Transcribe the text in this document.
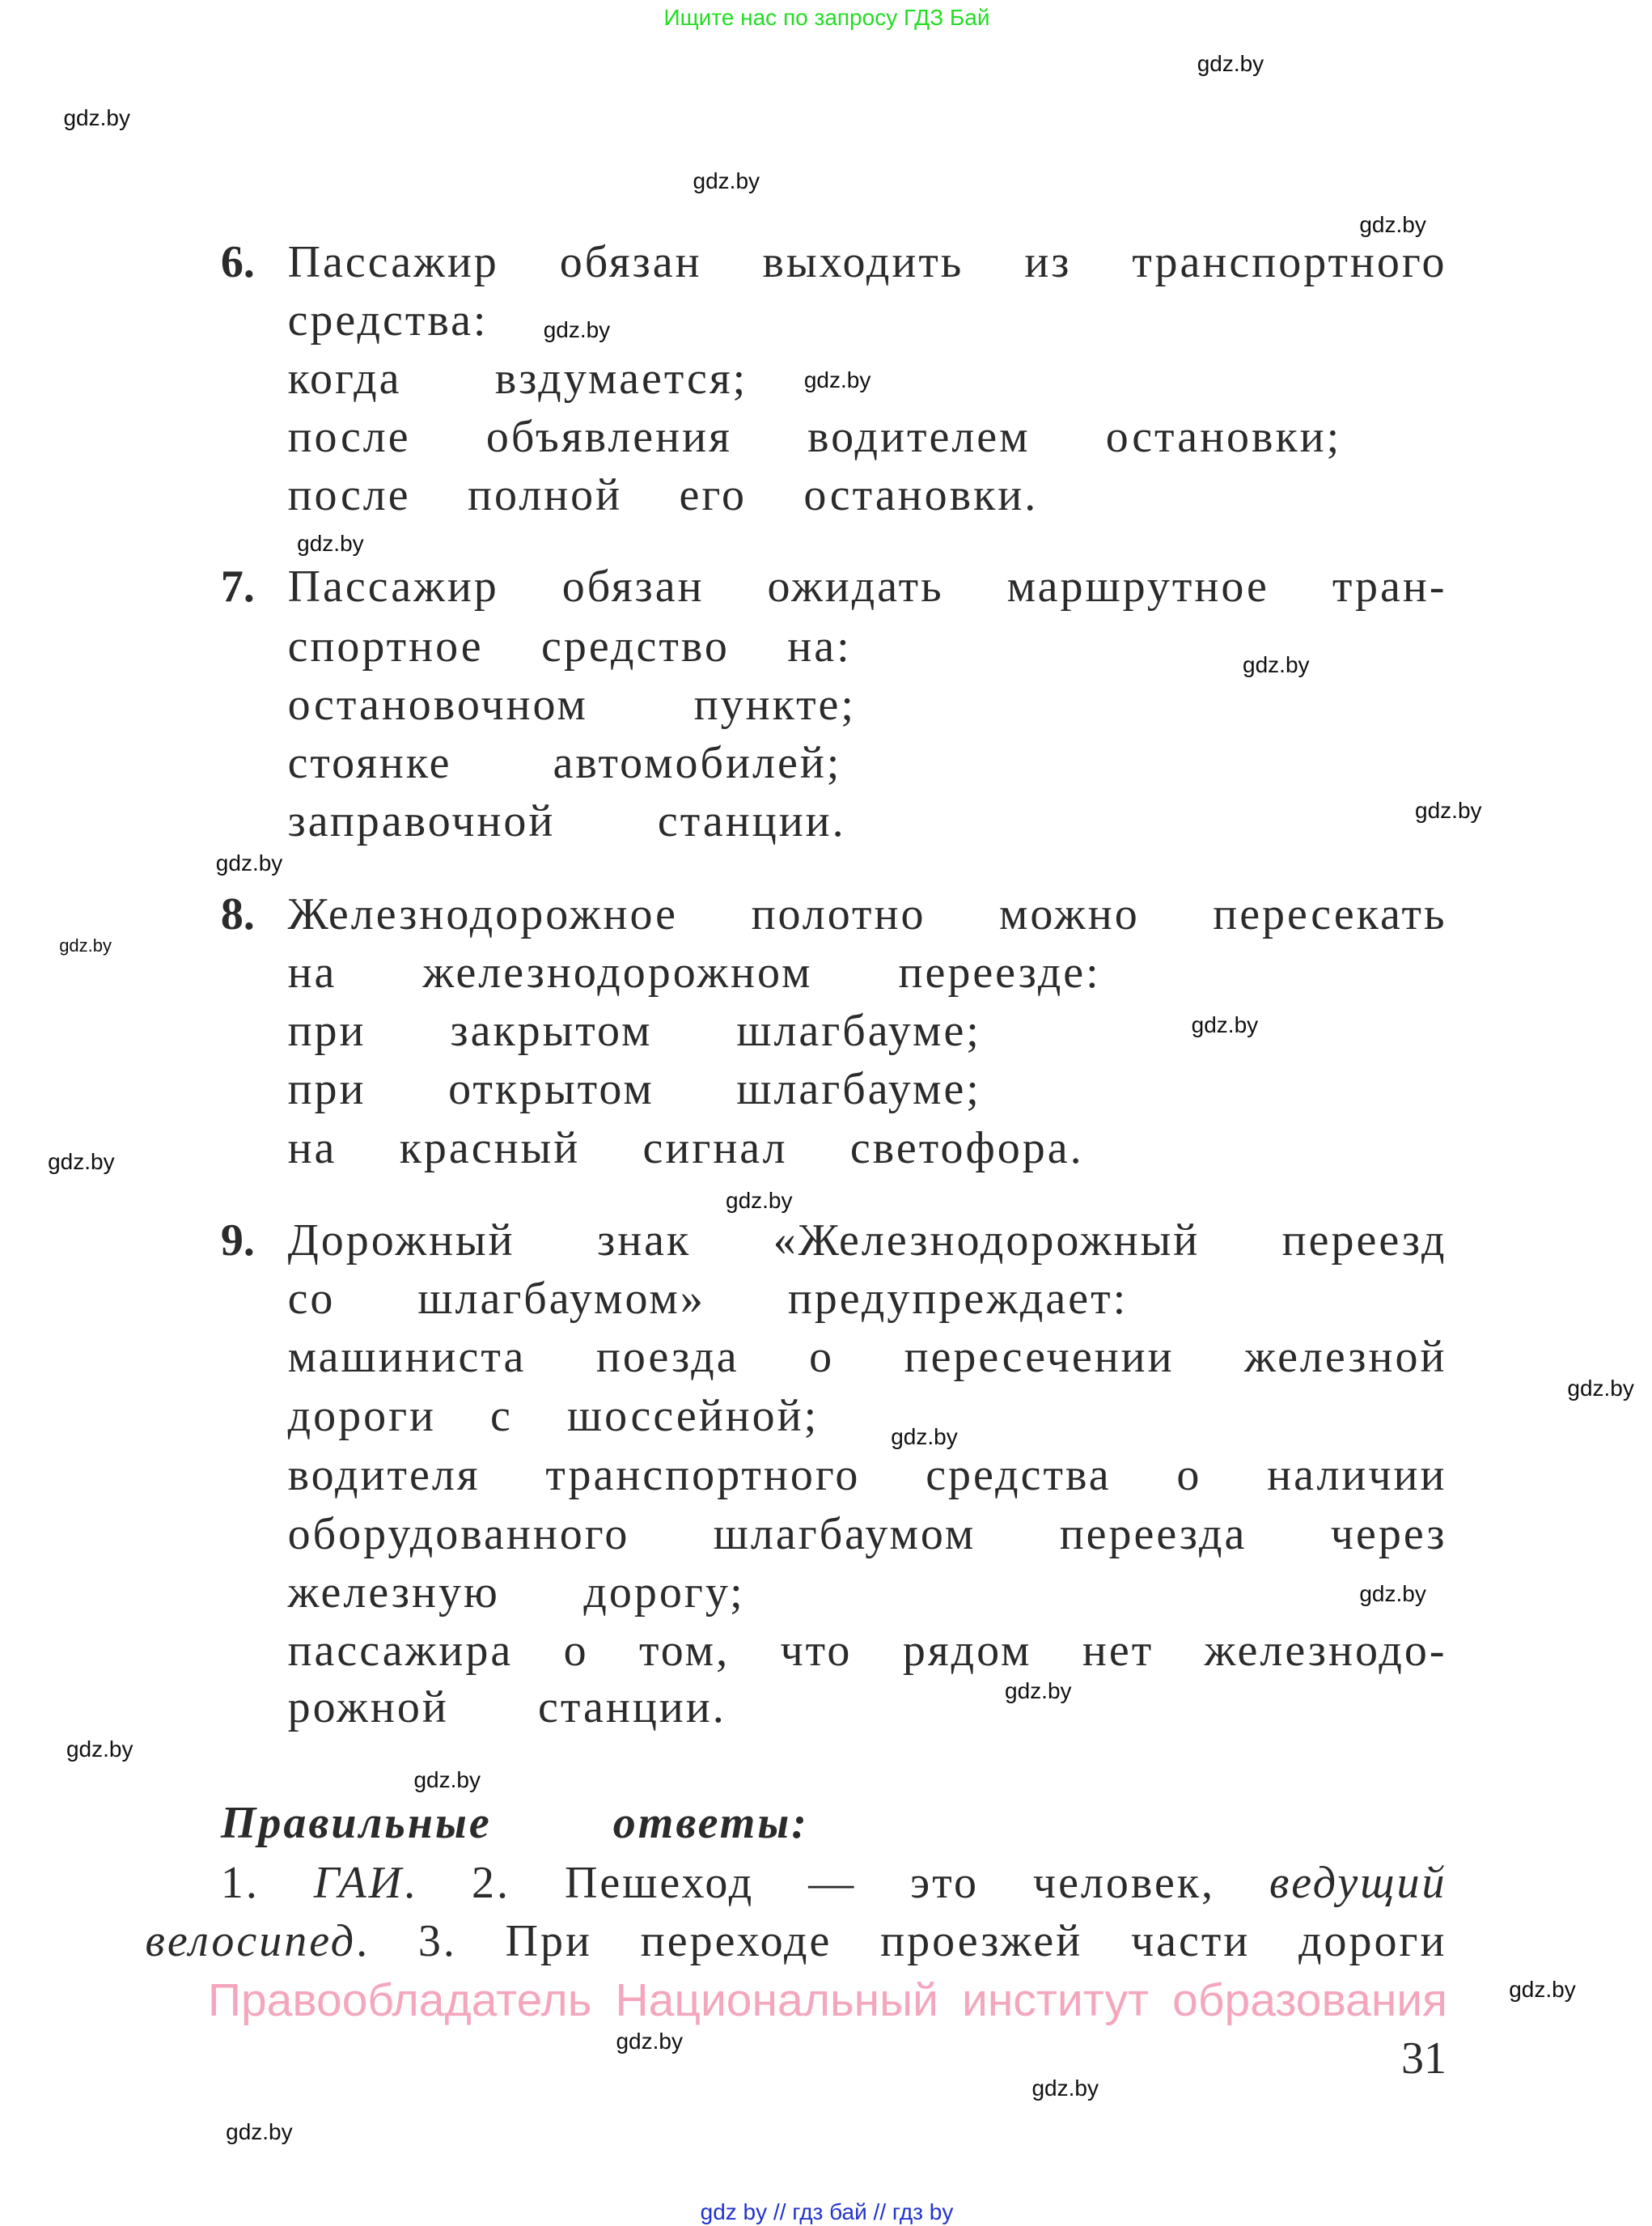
Ищите нас по запросу ГДЗ Бай
6. Пассажир обязан выходить из транспортного
средства:
когда вздумается;
после объявления водителем остановки;
после полной его остановки.
7. Пассажир обязан ожидать маршрутное тран-
спортное средство на:
остановочном пункте;
стоянке автомобилей;
заправочной станции.
8. Железнодорожное полотно можно пересекать
на железнодорожном переезде:
при закрытом шлагбауме;
при открытом шлагбауме;
на красный сигнал светофора.
9. Дорожный знак «Железнодорожный переезд
со шлагбаумом» предупреждает:
машиниста поезда о пересечении железной
дороги с шоссейной;
водителя транспортного средства о наличии
оборудованного шлагбаумом переезда через
железную дорогу;
пассажира о том, что рядом нет железнодо-
рожной станции.
Правильные ответы:
1. ГАИ. 2. Пешеход — это человек, ведущий
велосипед. 3. При переходе проезжей части дороги
gdz.by
gdz.by
gdz.by
gdz.by
gdz.by
gdz.by
gdz.by
gdz.by
gdz.by
gdz.by
gdz.by
gdz.by
gdz.by
gdz.by
gdz.by
gdz.by
gdz.by
gdz.by
gdz.by
gdz.by
gdz.by
gdz.by
gdz.by
gdz.by
Правообладатель Национальный институт образования
31
gdz by // гдз бай // гдз by
